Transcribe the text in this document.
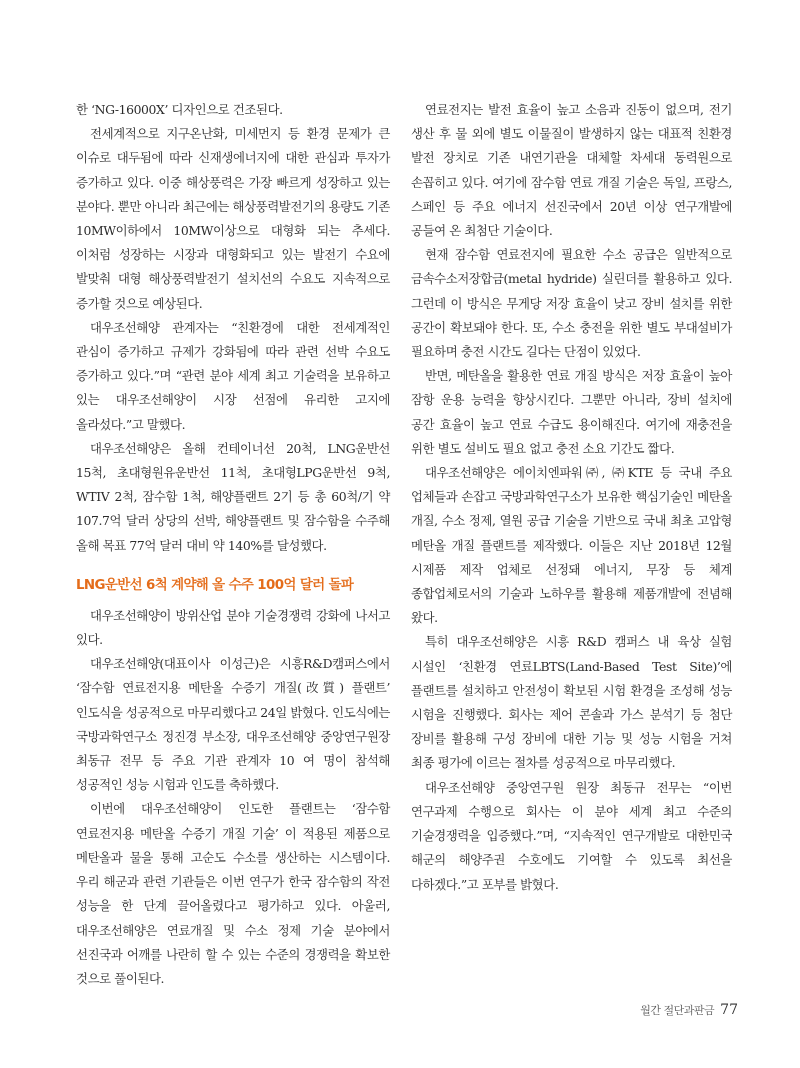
한 ‘NG-16000X’ 디자인으로 건조된다.

전세계적으로 지구온난화, 미세먼지 등 환경 문제가 큰 이슈로 대두됨에 따라 신재생에너지에 대한 관심과 투자가 증가하고 있다. 이중 해상풍력은 가장 빠르게 성장하고 있는 분야다. 뿐만 아니라 최근에는 해상풍력발전기의 용량도 기존 10MW이하에서 10MW이상으로 대형화 되는 추세다. 이처럼 성장하는 시장과 대형화되고 있는 발전기 수요에 발맞춰 대형 해상풍력발전기 설치선의 수요도 지속적으로 증가할 것으로 예상된다.

대우조선해양 관계자는 “친환경에 대한 전세계적인 관심이 증가하고 규제가 강화됨에 따라 관련 선박 수요도 증가하고 있다.”며 “관련 분야 세계 최고 기술력을 보유하고 있는 대우조선해양이 시장 선점에 유리한 고지에 올라섰다.”고 말했다.

대우조선해양은 올해 컨테이너선 20척, LNG운반선 15척, 초대형원유운반선 11척, 초대형LPG운반선 9척, WTIV 2척, 잠수함 1척, 해양플랜트 2기 등 총 60척/기 약 107.7억 달러 상당의 선박, 해양플랜트 및 잠수함을 수주해 올해 목표 77억 달러 대비 약 140%를 달성했다.

LNG운반선 6척 계약해 올 수주 100억 달러 돌파

대우조선해양이 방위산업 분야 기술경쟁력 강화에 나서고 있다.

대우조선해양(대표이사 이성근)은 시흥R&D캠퍼스에서 ‘잠수함 연료전지용 메탄올 수증기 개질(改質) 플랜트’ 인도식을 성공적으로 마무리했다고 24일 밝혔다. 인도식에는 국방과학연구소 정진경 부소장, 대우조선해양 중앙연구원장 최동규 전무 등 주요 기관 관계자 10 여 명이 참석해 성공적인 성능 시험과 인도를 축하했다.

이번에 대우조선해양이 인도한 플랜트는 ‘잠수함 연료전지용 메탄올 수증기 개질 기술’ 이 적용된 제품으로 메탄올과 물을 통해 고순도 수소를 생산하는 시스템이다. 우리 해군과 관련 기관들은 이번 연구가 한국 잠수함의 작전 성능을 한 단계 끌어올렸다고 평가하고 있다. 아울러, 대우조선해양은 연료개질 및 수소 정제 기술 분야에서 선진국과 어깨를 나란히 할 수 있는 수준의 경쟁력을 확보한 것으로 풀이된다.

연료전지는 발전 효율이 높고 소음과 진동이 없으며, 전기 생산 후 물 외에 별도 이물질이 발생하지 않는 대표적 친환경 발전 장치로 기존 내연기관을 대체할 차세대 동력원으로 손꼽히고 있다. 여기에 잠수함 연료 개질 기술은 독일, 프랑스, 스페인 등 주요 에너지 선진국에서 20년 이상 연구개발에 공들여 온 최첨단 기술이다.

현재 잠수함 연료전지에 필요한 수소 공급은 일반적으로 금속수소저장합금(metal hydride) 실린더를 활용하고 있다. 그런데 이 방식은 무게당 저장 효율이 낮고 장비 설치를 위한 공간이 확보돼야 한다. 또, 수소 충전을 위한 별도 부대설비가 필요하며 충전 시간도 길다는 단점이 있었다.

반면, 메탄올을 활용한 연료 개질 방식은 저장 효율이 높아 잠항 운용 능력을 향상시킨다. 그뿐만 아니라, 장비 설치에 공간 효율이 높고 연료 수급도 용이해진다. 여기에 재충전을 위한 별도 설비도 필요 없고 충전 소요 기간도 짧다.

대우조선해양은 에이치엔파워㈜, ㈜KTE 등 국내 주요 업체들과 손잡고 국방과학연구소가 보유한 핵심기술인 메탄올 개질, 수소 정제, 열원 공급 기술을 기반으로 국내 최초 고압형 메탄올 개질 플랜트를 제작했다. 이들은 지난 2018년 12월 시제품 제작 업체로 선정돼 에너지, 무장 등 체계 종합업체로서의 기술과 노하우를 활용해 제품개발에 전념해 왔다.

특히 대우조선해양은 시흥 R&D 캠퍼스 내 육상 실험 시설인 ‘친환경 연료LBTS(Land-Based Test Site)’에 플랜트를 설치하고 안전성이 확보된 시험 환경을 조성해 성능 시험을 진행했다. 회사는 제어 콘솔과 가스 분석기 등 첨단 장비를 활용해 구성 장비에 대한 기능 및 성능 시험을 거쳐 최종 평가에 이르는 절차를 성공적으로 마무리했다.

대우조선해양 중앙연구원 원장 최동규 전무는 “이번 연구과제 수행으로 회사는 이 분야 세계 최고 수준의 기술경쟁력을 입증했다.”며, “지속적인 연구개발로 대한민국 해군의 해양주권 수호에도 기여할 수 있도록 최선을 다하겠다.”고 포부를 밝혔다.

월간 절단과판금 77
